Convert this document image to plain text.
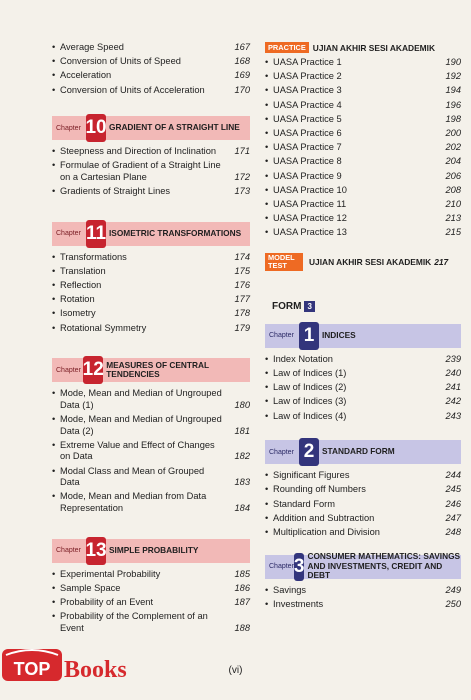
• Average Speed	167
• Conversion of Units of Speed	168
• Acceleration	169
• Conversion of Units of Acceleration	170
Chapter 10 GRADIENT OF A STRAIGHT LINE
• Steepness and Direction of Inclination	171
• Formulae of Gradient of a Straight Line on a Cartesian Plane	172
• Gradients of Straight Lines	173
Chapter 11 ISOMETRIC TRANSFORMATIONS
• Transformations	174
• Translation	175
• Reflection	176
• Rotation	177
• Isometry	178
• Rotational Symmetry	179
Chapter 12 MEASURES OF CENTRAL TENDENCIES
• Mode, Mean and Median of Ungrouped Data (1)	180
• Mode, Mean and Median of Ungrouped Data (2)	181
• Extreme Value and Effect of Changes on Data	182
• Modal Class and Mean of Grouped Data	183
• Mode, Mean and Median from Data Representation	184
Chapter 13 SIMPLE PROBABILITY
• Experimental Probability	185
• Sample Space	186
• Probability of an Event	187
• Probability of the Complement of an Event	188
PRACTICE UJIAN AKHIR SESI AKADEMIK
• UASA Practice 1	190
• UASA Practice 2	192
• UASA Practice 3	194
• UASA Practice 4	196
• UASA Practice 5	198
• UASA Practice 6	200
• UASA Practice 7	202
• UASA Practice 8	204
• UASA Practice 9	206
• UASA Practice 10	208
• UASA Practice 11	210
• UASA Practice 12	213
• UASA Practice 13	215
MODEL TEST	UJIAN AKHIR SESI AKADEMIK 217
FORM 3
Chapter 1 INDICES
• Index Notation	239
• Law of Indices (1)	240
• Law of Indices (2)	241
• Law of Indices (3)	242
• Law of Indices (4)	243
Chapter 2 STANDARD FORM
• Significant Figures	244
• Rounding off Numbers	245
• Standard Form	246
• Addition and Subtraction	247
• Multiplication and Division	248
Chapter 3 CONSUMER MATHEMATICS: SAVINGS AND INVESTMENTS, CREDIT AND DEBT
• Savings	249
• Investments	250
(vi)
TOP Books
